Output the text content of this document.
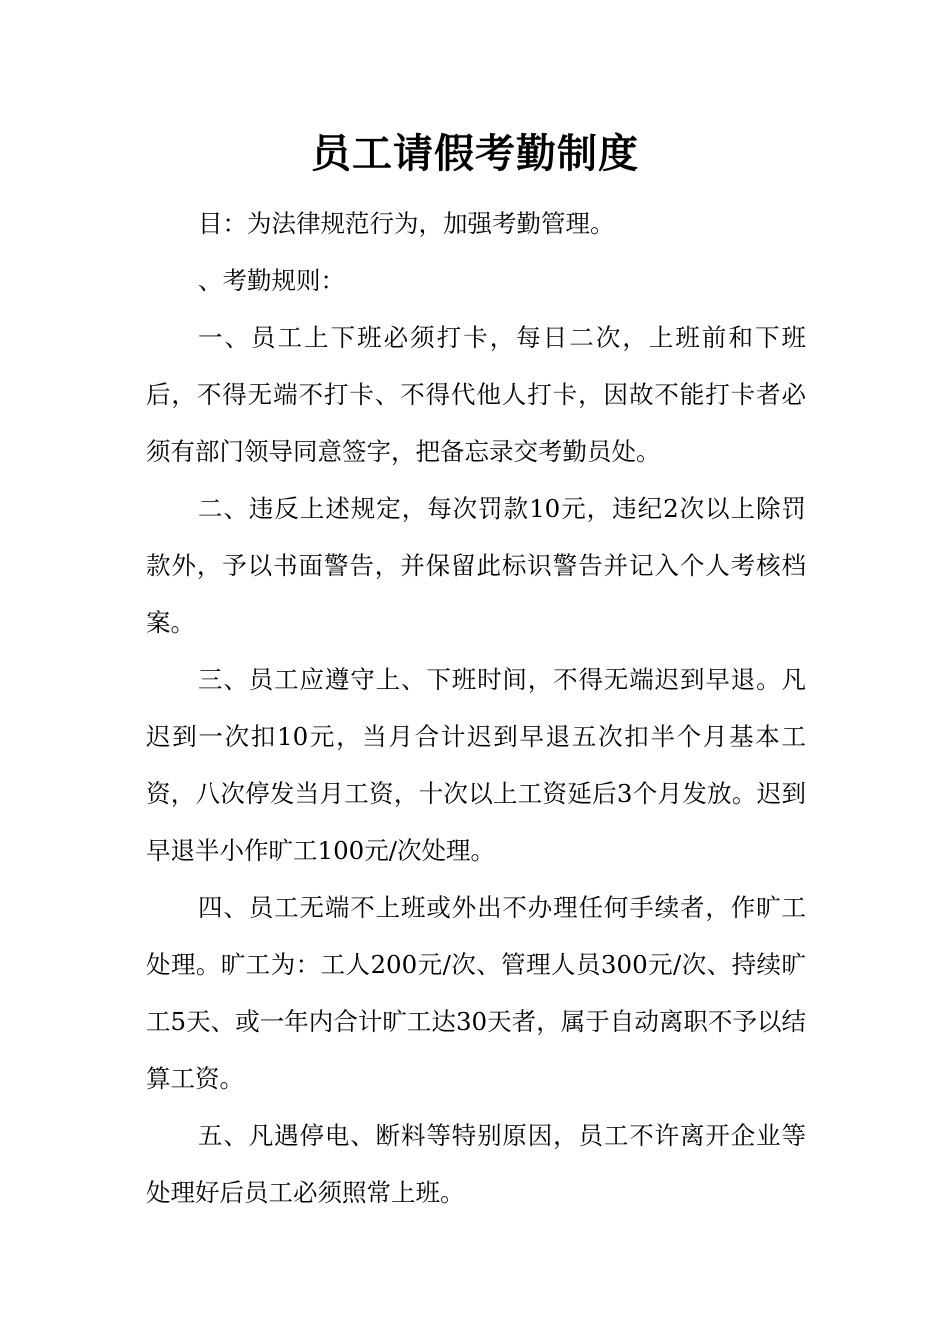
员工请假考勤制度

目：为法律规范行为，加强考勤管理。

、考勤规则：

一、员工上下班必须打卡，每日二次，上班前和下班后，不得无端不打卡、不得代他人打卡，因故不能打卡者必须有部门领导同意签字，把备忘录交考勤员处。

二、违反上述规定，每次罚款10元，违纪2次以上除罚款外，予以书面警告，并保留此标识警告并记入个人考核档案。

三、员工应遵守上、下班时间，不得无端迟到早退。凡迟到一次扣10元，当月合计迟到早退五次扣半个月基本工资，八次停发当月工资，十次以上工资延后3个月发放。迟到早退半小作旷工100元/次处理。

四、员工无端不上班或外出不办理任何手续者，作旷工处理。旷工为：工人200元/次、管理人员300元/次、持续旷工5天、或一年内合计旷工达30天者，属于自动离职不予以结算工资。

五、凡遇停电、断料等特别原因，员工不许离开企业等处理好后员工必须照常上班。
